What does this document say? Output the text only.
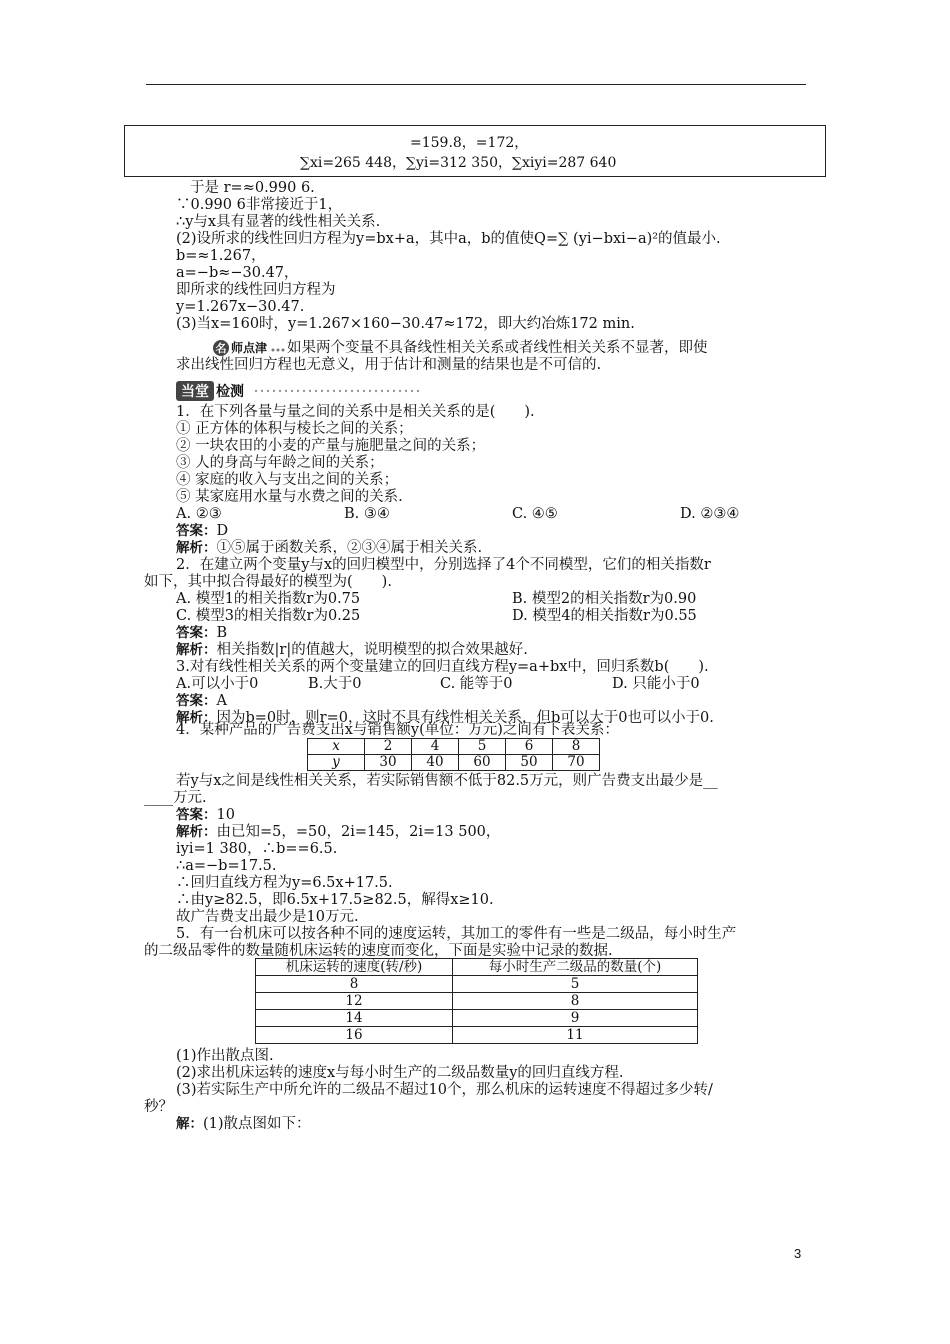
=159.8，=172，
∑xi=265 448，∑yi=312 350，∑xiyi=287 640
于是 r=≈0.990 6.
∵0.990 6非常接近于1，
∴y与x具有显著的线性相关关系.
(2)设所求的线性回归方程为y=bx+a，其中a，b的值使Q=∑ (yi−bxi−a)²的值最小.
b=≈1.267，
a=−b≈−30.47，
即所求的线性回归方程为
y=1.267x−30.47.
(3)当x=160时，y=1.267×160−30.47≈172，即大约冶炼172 min.
名 师点津 如果两个变量不具备线性相关关系或者线性相关关系不显著，即使
求出线性回归方程也无意义，用于估计和测量的结果也是不可信的.
当堂 检测
1．在下列各量与量之间的关系中是相关关系的是(　　).
① 正方体的体积与棱长之间的关系；
② 一块农田的小麦的产量与施肥量之间的关系；
③ 人的身高与年龄之间的关系；
④ 家庭的收入与支出之间的关系；
⑤ 某家庭用水量与水费之间的关系.
A. ②③	B. ③④	C. ④⑤	D. ②③④
答案：D
解析：①⑤属于函数关系，②③④属于相关关系.
2．在建立两个变量y与x的回归模型中，分别选择了4个不同模型，它们的相关指数r
如下，其中拟合得最好的模型为(　　).
A. 模型1的相关指数r为0.75	B. 模型2的相关指数r为0.90
C. 模型3的相关指数r为0.25	D. 模型4的相关指数r为0.55
答案：B
解析：相关指数|r|的值越大，说明模型的拟合效果越好.
3.对有线性相关关系的两个变量建立的回归直线方程y=a+bx中，回归系数b(　　).
A.可以小于0	B.大于0	C. 能等于0	D. 只能小于0
答案：A
解析：因为b=0时，则r=0，这时不具有线性相关关系，但b可以大于0也可以小于0.
4．某种产品的广告费支出x与销售额y(单位：万元)之间有下表关系：
x	2	4	5	6	8
y	30	40	60	50	70
若y与x之间是线性相关关系，若实际销售额不低于82.5万元，则广告费支出最少是__
____万元.
答案：10
解析：由已知=5，=50，2i=145，2i=13 500，
iyi=1 380，∴b==6.5.
∴a=−b=17.5.
∴回归直线方程为y=6.5x+17.5.
∴由y≥82.5，即6.5x+17.5≥82.5，解得x≥10.
故广告费支出最少是10万元.
5．有一台机床可以按各种不同的速度运转，其加工的零件有一些是二级品，每小时生产
的二级品零件的数量随机床运转的速度而变化，下面是实验中记录的数据.
机床运转的速度(转/秒)	每小时生产二级品的数量(个)
8	5
12	8
14	9
16	11
(1)作出散点图.
(2)求出机床运转的速度x与每小时生产的二级品数量y的回归直线方程.
(3)若实际生产中所允许的二级品不超过10个，那么机床的运转速度不得超过多少转/
秒？
解：(1)散点图如下：
3
